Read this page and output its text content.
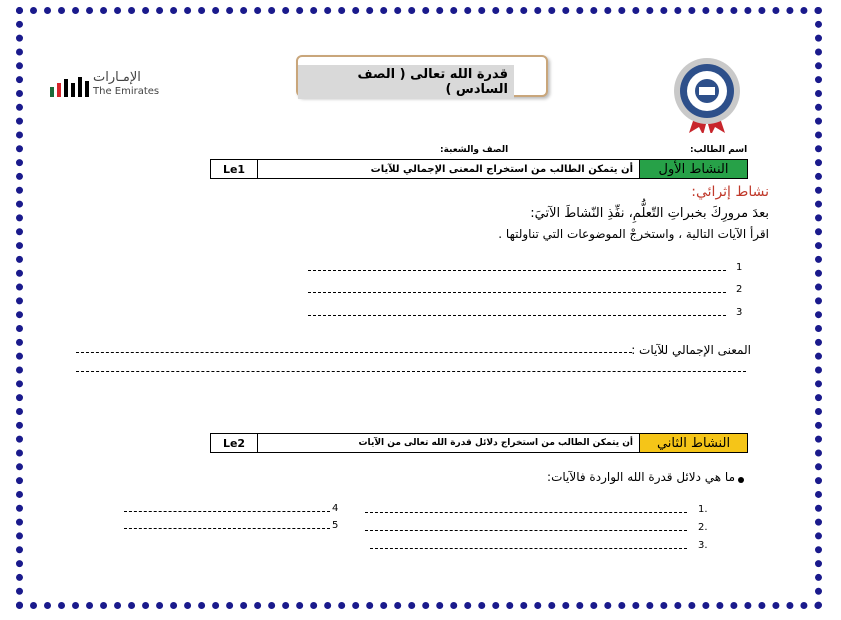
الإمـارات
The Emirates
قدرة الله تعالى ( الصف السادس )
اسم الطالب:
الصف والشعبة:
Le1	أن يتمكن الطالب من استخراج المعنى الإجمالي للآيات	النشاط الأول
نشاط إثرائي:
بعدَ مرورِكَ بخبراتِ التّعلُّمِ، نفِّذِ النّشاطَ الآتيَ:
اقرأ الآيات التالية ، واستخرجْ الموضوعات التي تناولتها .
1
2
3
المعنى الإجمالي للآيات :
Le2	أن يتمكن الطالب من استخراج دلائل قدرة الله تعالى من الآيات	النشاط الثاني
ما هي دلائل قدرة الله الواردة فالآيات:
1.
2.
3.
4
5
